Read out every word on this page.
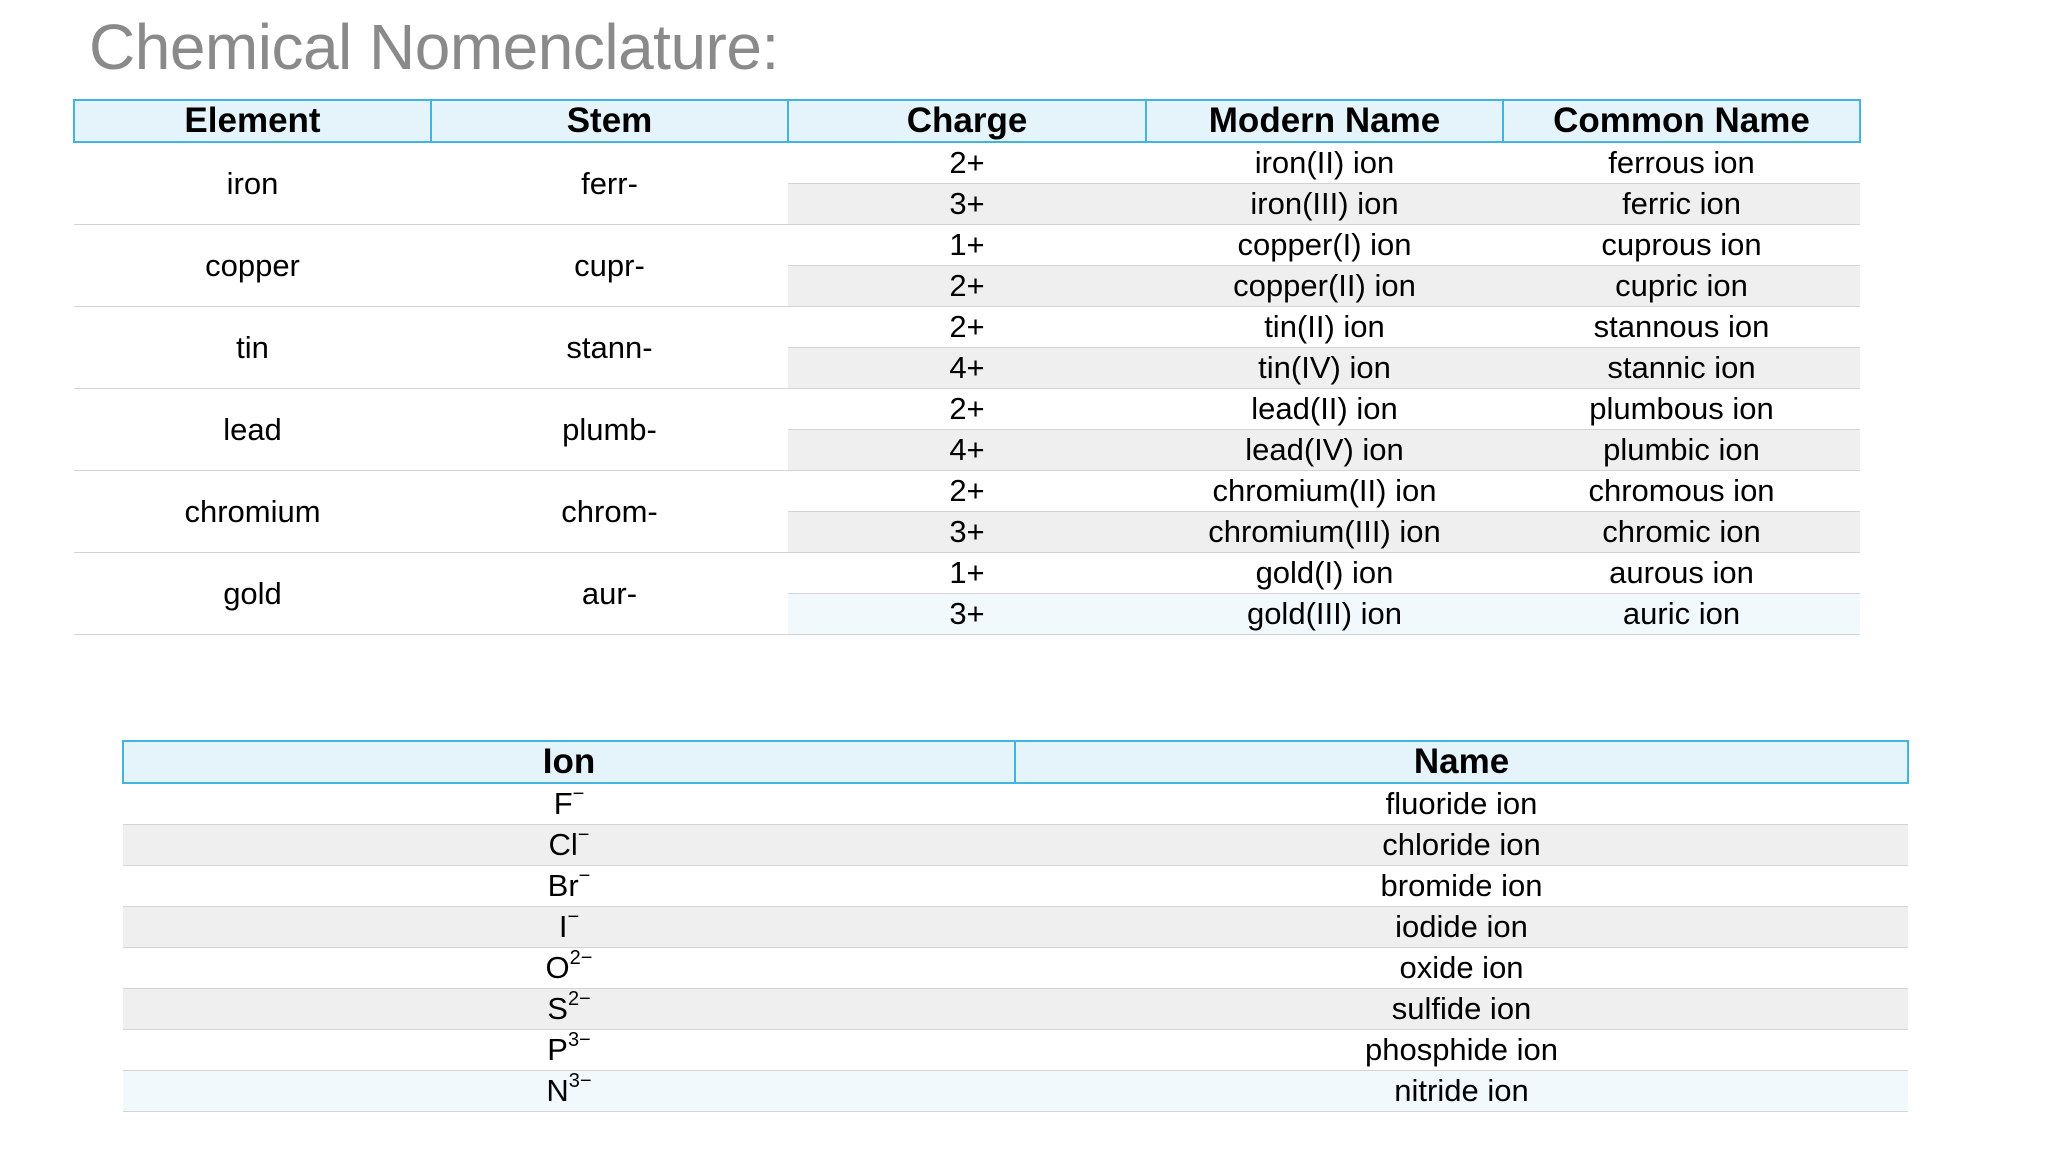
Chemical Nomenclature:
Element	Stem	Charge	Modern Name	Common Name
iron	ferr-	2+	iron(II) ion	ferrous ion
		3+	iron(III) ion	ferric ion
copper	cupr-	1+	copper(I) ion	cuprous ion
		2+	copper(II) ion	cupric ion
tin	stann-	2+	tin(II) ion	stannous ion
		4+	tin(IV) ion	stannic ion
lead	plumb-	2+	lead(II) ion	plumbous ion
		4+	lead(IV) ion	plumbic ion
chromium	chrom-	2+	chromium(II) ion	chromous ion
		3+	chromium(III) ion	chromic ion
gold	aur-	1+	gold(I) ion	aurous ion
		3+	gold(III) ion	auric ion
Ion	Name
F−	fluoride ion
Cl−	chloride ion
Br−	bromide ion
I−	iodide ion
$O^{2-}$	oxide ion
$S^{2-}$	sulfide ion
$P^{3-}$	phosphide ion
$N^{3-}$	nitride ion
